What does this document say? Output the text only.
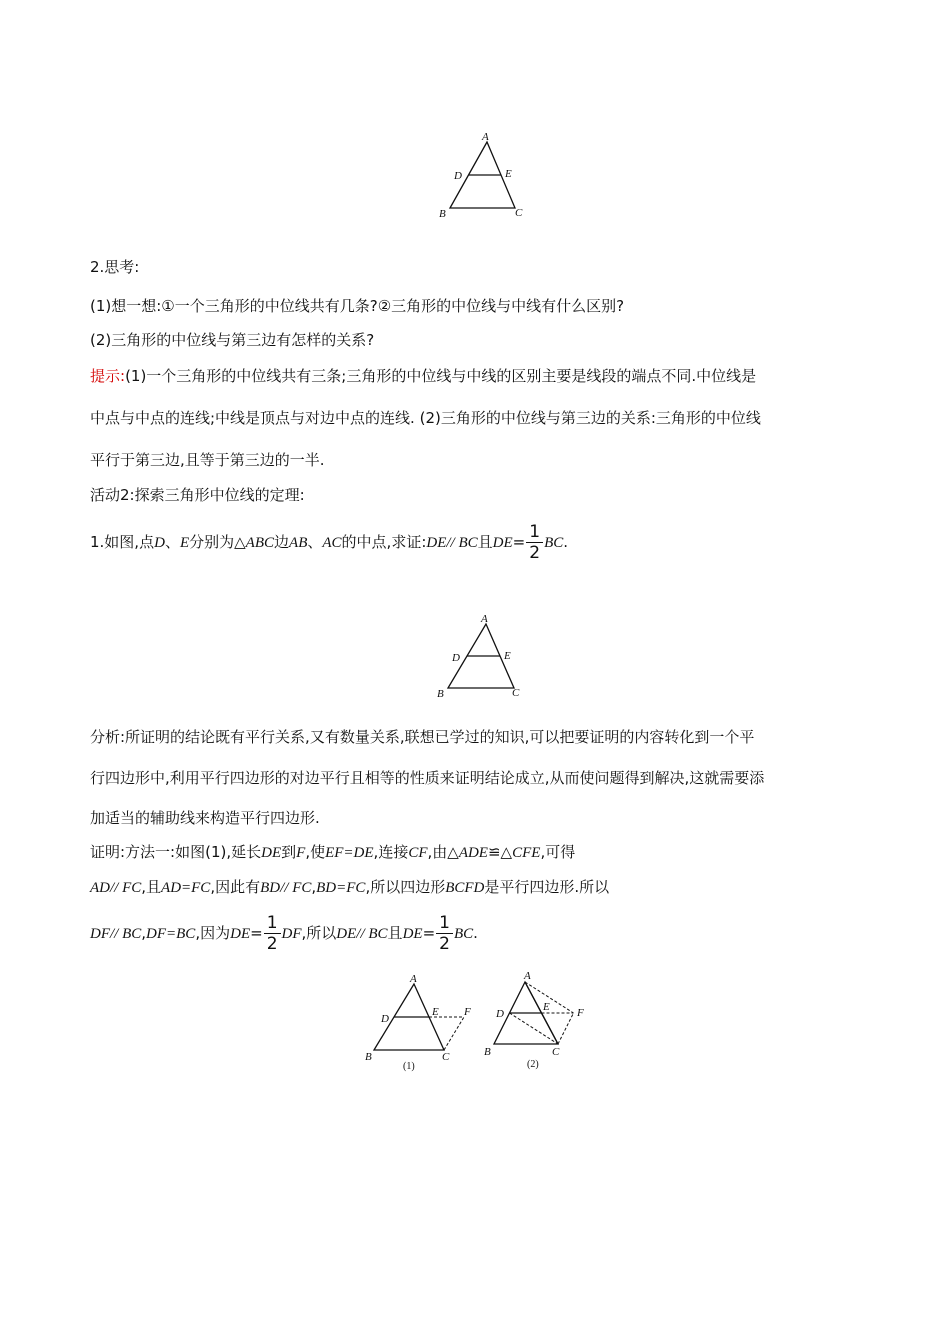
A
D	E
B	C
2.思考:
(1)想一想:①一个三角形的中位线共有几条?②三角形的中位线与中线有什么区别?
(2)三角形的中位线与第三边有怎样的关系?
提示:(1)一个三角形的中位线共有三条;三角形的中位线与中线的区别主要是线段的端点不同.中位线是
中点与中点的连线;中线是顶点与对边中点的连线. (2)三角形的中位线与第三边的关系:三角形的中位线
平行于第三边,且等于第三边的一半.
活动2:探索三角形中位线的定理:
1.如图,点D、E分别为△ABC边AB、AC的中点,求证:DE// BC且$DE= \frac{1}{2}$ BC.
A
D	E
B	C
分析:所证明的结论既有平行关系,又有数量关系,联想已学过的知识,可以把要证明的内容转化到一个平
行四边形中,利用平行四边形的对边平行且相等的性质来证明结论成立,从而使问题得到解决,这就需要添
加适当的辅助线来构造平行四边形.
证明:方法一:如图(1),延长DE到F,使EF=DE,连接CF,由△ADE≌△CFE,可得
AD// FC,且AD=FC,因此有BD// FC,BD=FC,所以四边形BCFD是平行四边形.所以
DF// BC,DF=BC,因为$DE= \frac{1}{2}$ DF,所以DE// BC且$DE= \frac{1}{2}$ BC.
A
D
E F
B	C
(1)
A
D
E F
B	C
(2)
